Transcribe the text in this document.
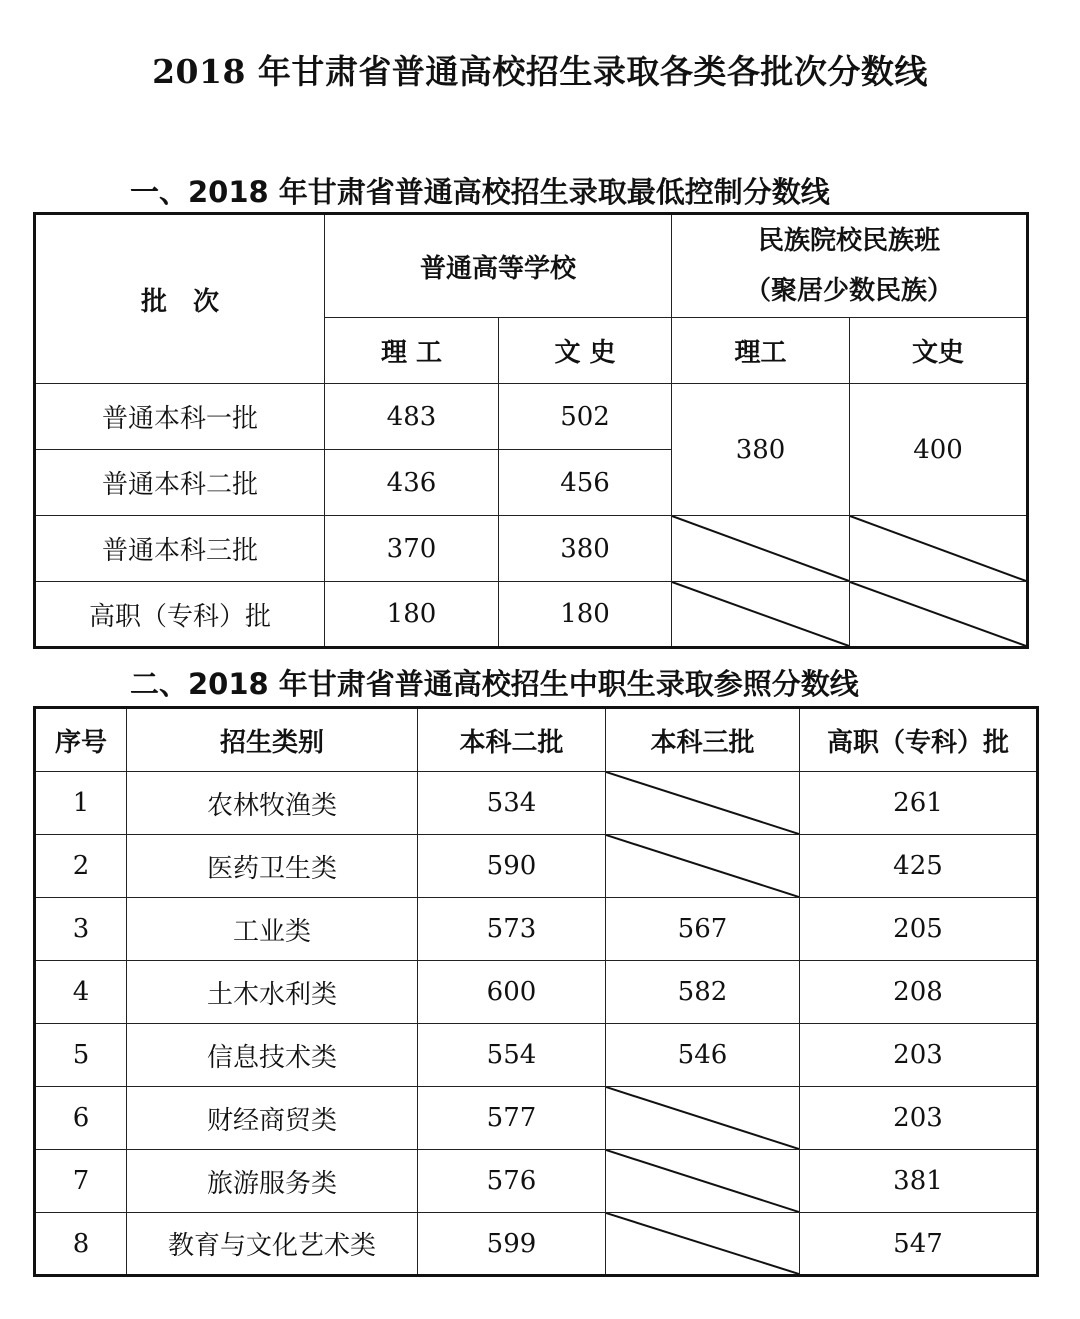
2018 年甘肃省普通高校招生录取各类各批次分数线
一、2018 年甘肃省普通高校招生录取最低控制分数线
批　次	普通高等学校		民族院校民族班
（聚居少数民族）	

	理 工	文 史	理工	文史
普通本科一批	483	502	380	400
普通本科二批	436	456		
普通本科三批	370	380	

高职（专科）批	180	180	

二、2018 年甘肃省普通高校招生中职生录取参照分数线
序号	招生类别	本科二批	本科三批	高职（专科）批
1	农林牧渔类	534		261
2	医药卫生类	590		425
3	工业类	573	567	205
4	土木水利类	600	582	208
5	信息技术类	554	546	203
6	财经商贸类	577		203
7	旅游服务类	576		381
8	教育与文化艺术类	599		547
